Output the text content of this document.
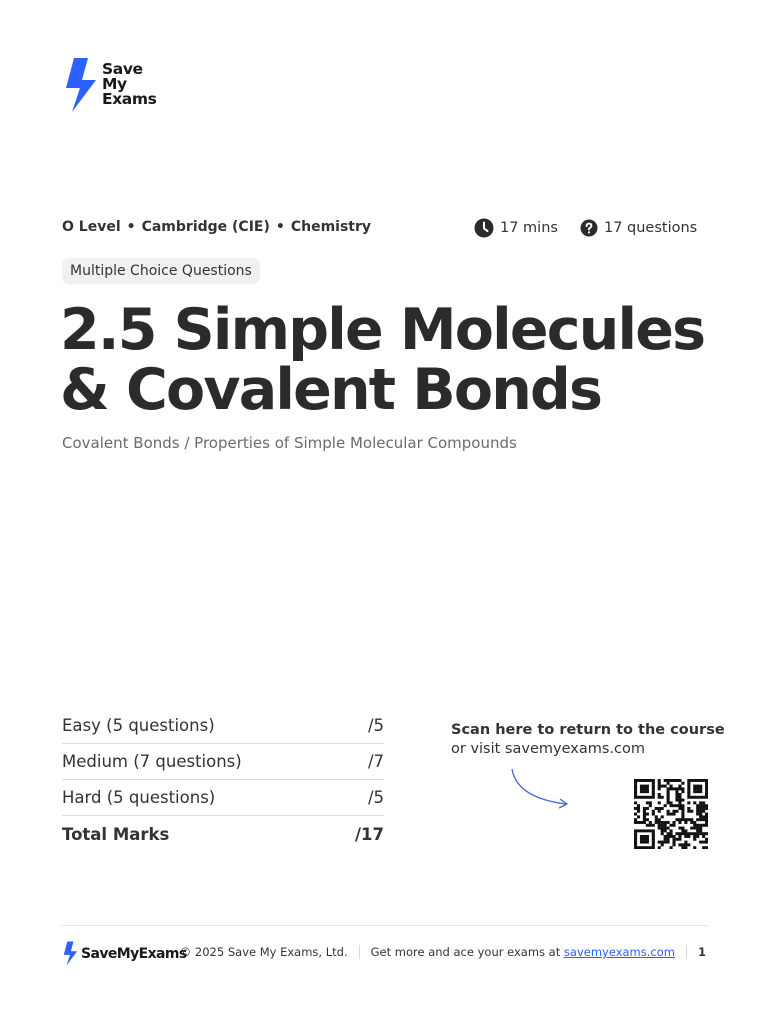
Save
My
Exams
O Level • Cambridge (CIE) • Chemistry	17 mins	17 questions
Multiple Choice Questions
2.5 Simple Molecules & Covalent Bonds
Covalent Bonds / Properties of Simple Molecular Compounds
Easy (5 questions)	/5
Medium (7 questions)	/7
Hard (5 questions)	/5
Total Marks	/17
Scan here to return to the course
or visit savemyexams.com
SaveMyExams
© 2025 Save My Exams, Ltd. Get more and ace your exams at savemyexams.com 1
